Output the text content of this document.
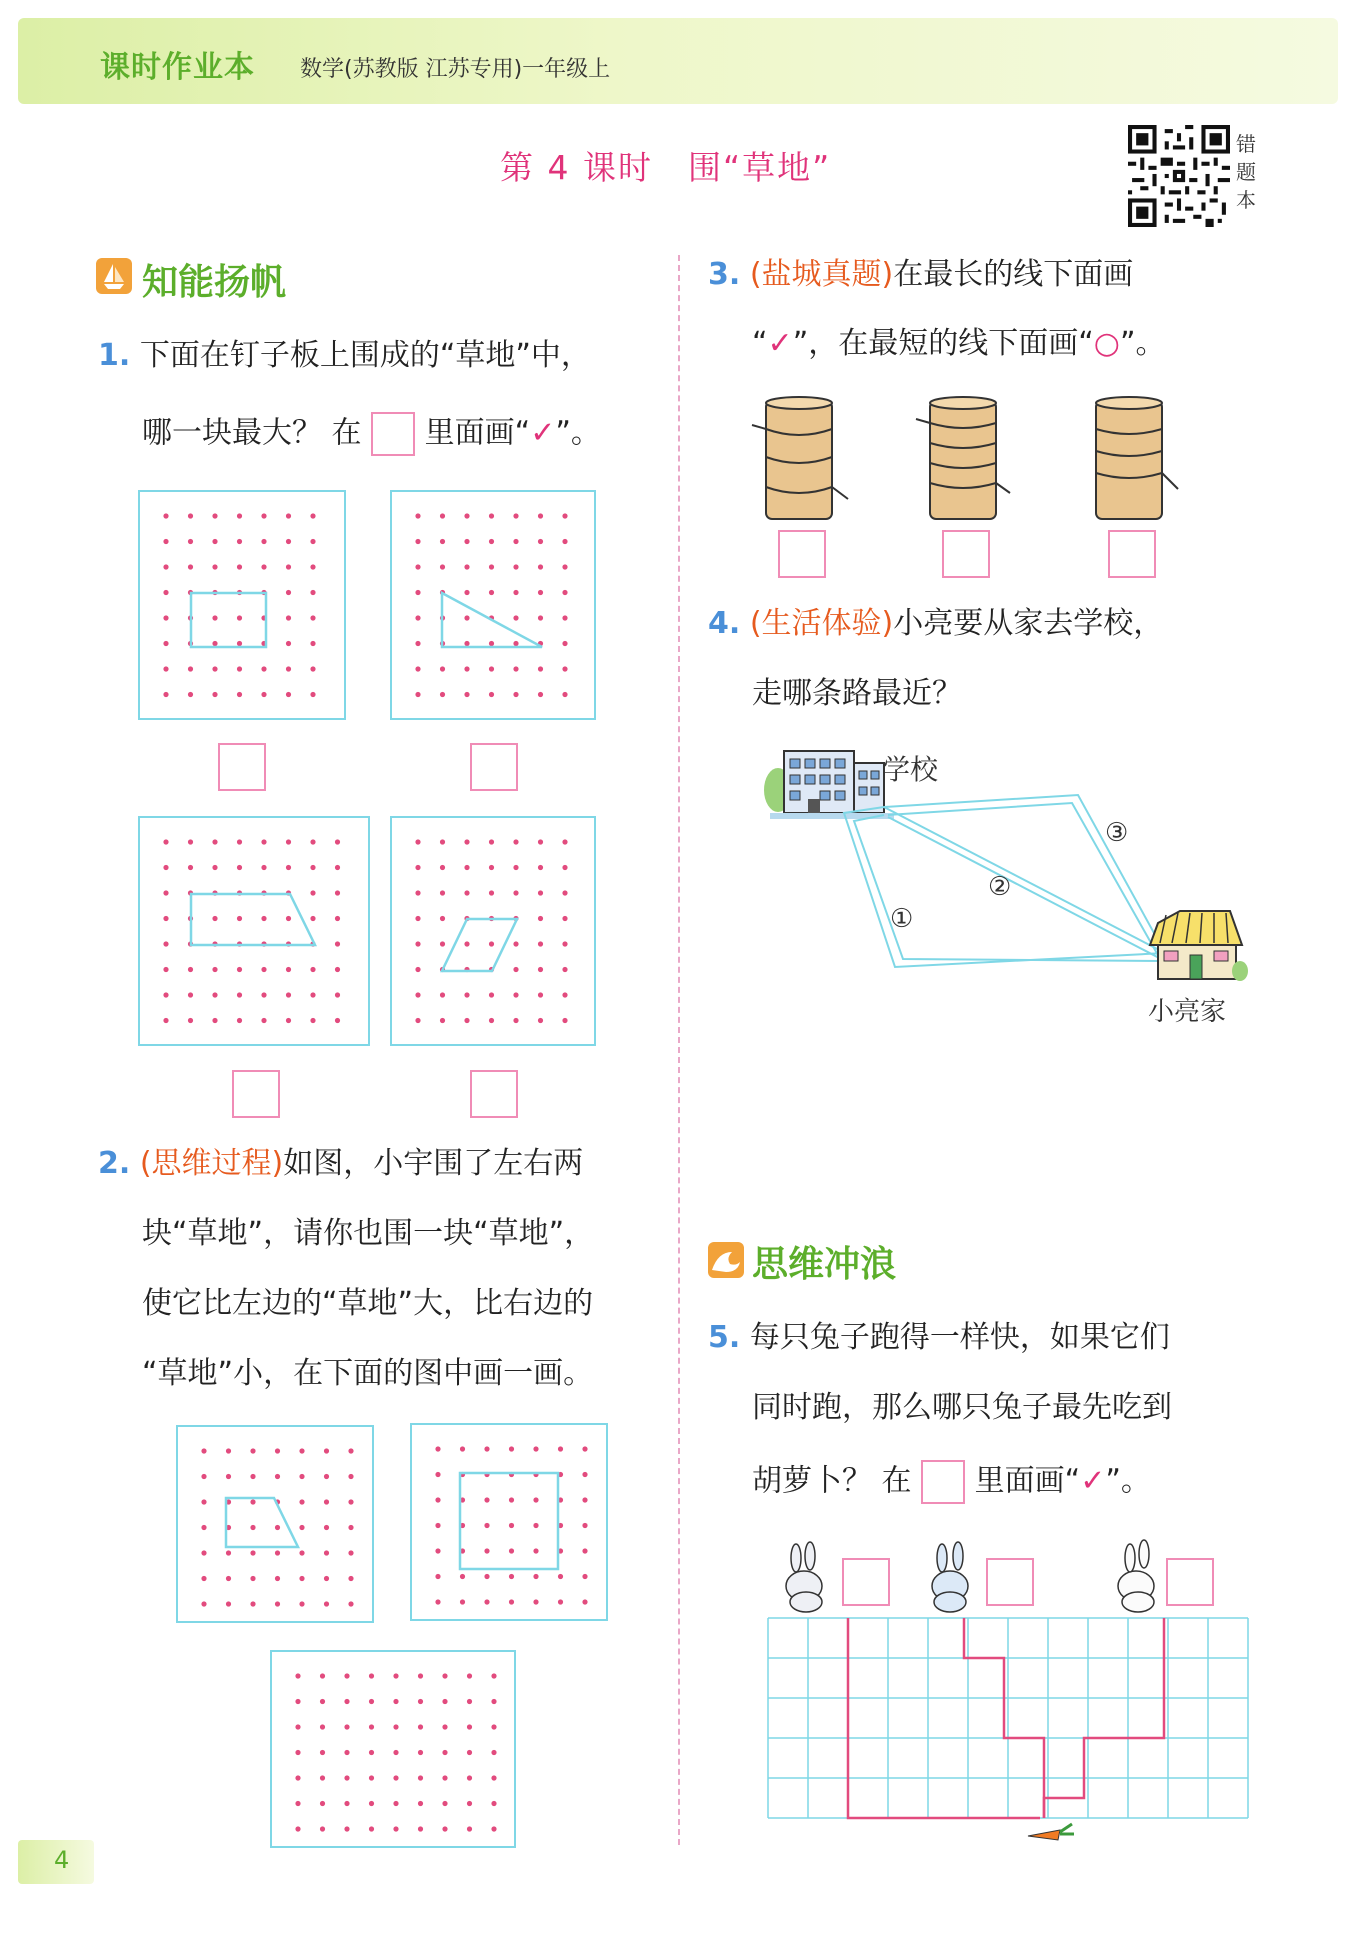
课时作业本 数学(苏教版 江苏专用)一年级上
第 4 课时　围“草地”
错
题
本
知能扬帆
1. 下面在钉子板上围成的“草地”中，
哪一块最大？ 在 里面画“✓”。
2. (思维过程)如图，小宇围了左右两
块“草地”，请你也围一块“草地”，
使它比左边的“草地”大，比右边的
“草地”小，在下面的图中画一画。
3. (盐城真题)在最长的线下面画
“✓”，在最短的线下面画“○”。
4. (生活体验)小亮要从家去学校，
走哪条路最近？
学校
①
②
③
小亮家
思维冲浪
5. 每只兔子跑得一样快，如果它们
同时跑，那么哪只兔子最先吃到
胡萝卜？ 在 里面画“✓”。
4
